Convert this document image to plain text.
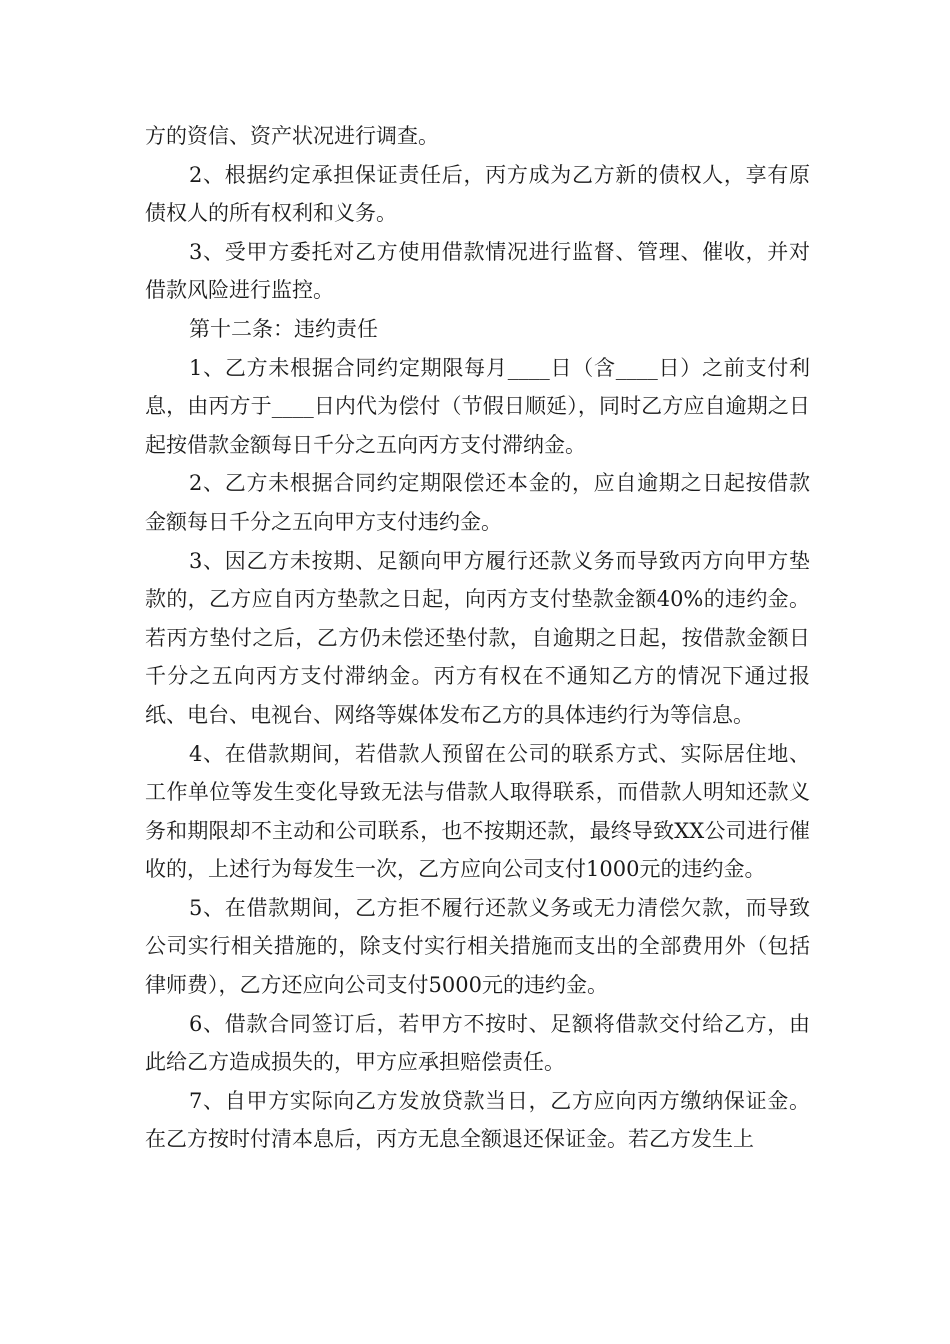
方的资信、资产状况进行调查。

2、根据约定承担保证责任后，丙方成为乙方新的债权人，享有原债权人的所有权利和义务。

3、受甲方委托对乙方使用借款情况进行监督、管理、催收，并对借款风险进行监控。

第十二条：违约责任

1、乙方未根据合同约定期限每月____日（含____日）之前支付利息，由丙方于____日内代为偿付（节假日顺延），同时乙方应自逾期之日起按借款金额每日千分之五向丙方支付滞纳金。

2、乙方未根据合同约定期限偿还本金的，应自逾期之日起按借款金额每日千分之五向甲方支付违约金。

3、因乙方未按期、足额向甲方履行还款义务而导致丙方向甲方垫款的，乙方应自丙方垫款之日起，向丙方支付垫款金额40%的违约金。若丙方垫付之后，乙方仍未偿还垫付款，自逾期之日起，按借款金额日千分之五向丙方支付滞纳金。丙方有权在不通知乙方的情况下通过报纸、电台、电视台、网络等媒体发布乙方的具体违约行为等信息。

4、在借款期间，若借款人预留在公司的联系方式、实际居住地、工作单位等发生变化导致无法与借款人取得联系，而借款人明知还款义务和期限却不主动和公司联系，也不按期还款，最终导致XX公司进行催收的，上述行为每发生一次，乙方应向公司支付1000元的违约金。

5、在借款期间，乙方拒不履行还款义务或无力清偿欠款，而导致公司实行相关措施的，除支付实行相关措施而支出的全部费用外（包括律师费），乙方还应向公司支付5000元的违约金。

6、借款合同签订后，若甲方不按时、足额将借款交付给乙方，由此给乙方造成损失的，甲方应承担赔偿责任。

7、自甲方实际向乙方发放贷款当日，乙方应向丙方缴纳保证金。在乙方按时付清本息后，丙方无息全额退还保证金。若乙方发生上
